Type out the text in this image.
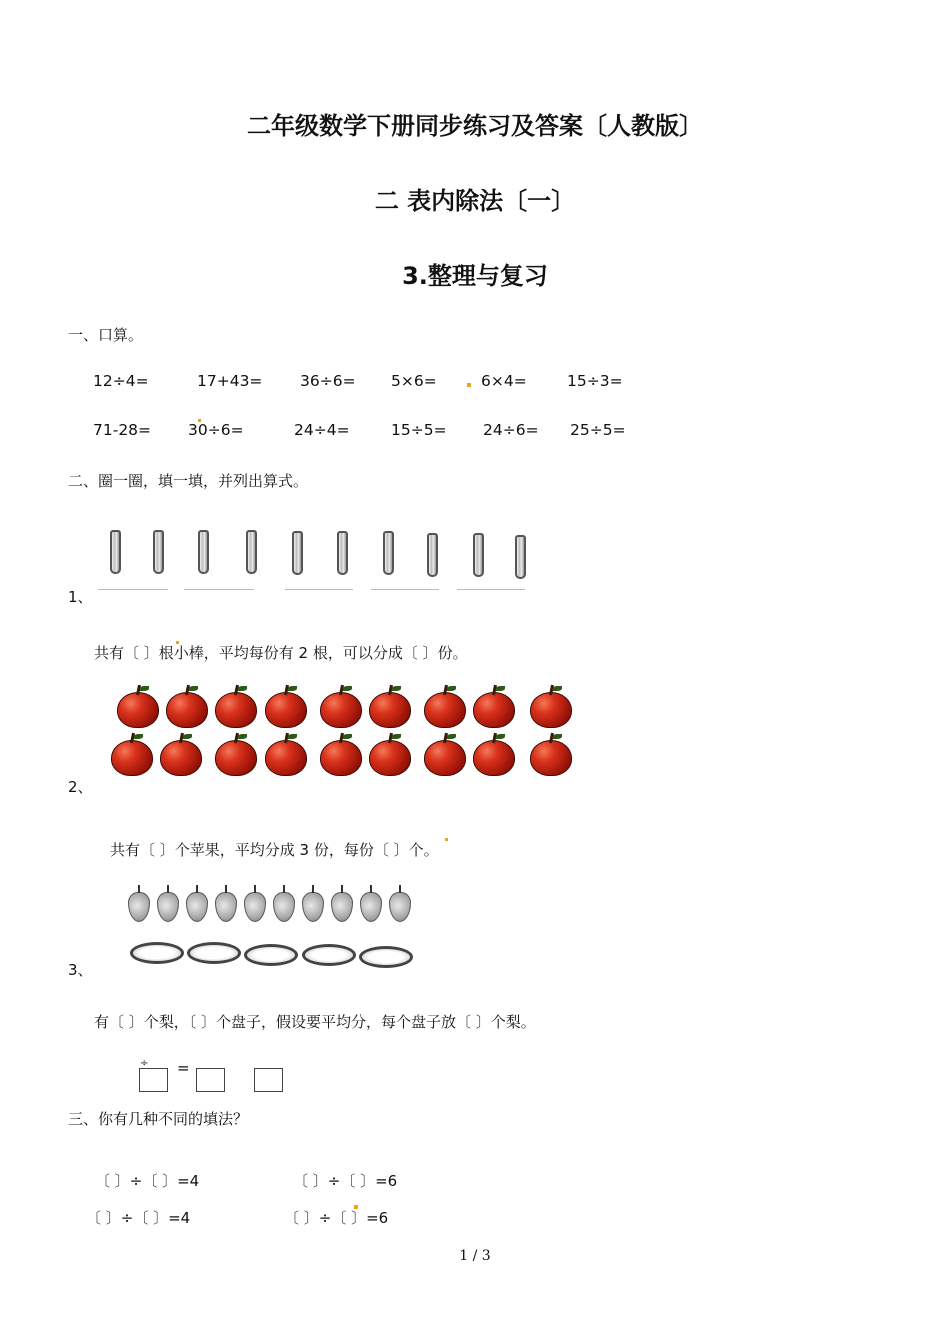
二年级数学下册同步练习及答案〔人教版〕
二 表内除法〔一〕
3.整理与复习
一、口算。
12÷4=	17+43= 36÷6= 5×6=	6×4=	15÷3=
71-28= 30÷6=	24÷4=	15÷5= 24÷6= 25÷5=
二、圈一圈，填一填，并列出算式。
1、
共有〔 〕根小棒，平均每份有 2 根，可以分成〔 〕份。
2、
共有〔 〕个苹果，平均分成 3 份，每份〔 〕个。
3、
有〔 〕个梨，〔 〕个盘子，假设要平均分，每个盘子放〔 〕个梨。
÷ =
三、你有几种不同的填法？
〔 〕÷〔 〕=4	〔 〕÷〔 〕=6
〔 〕÷〔 〕=4	〔 〕÷〔 〕=6
1 / 3
